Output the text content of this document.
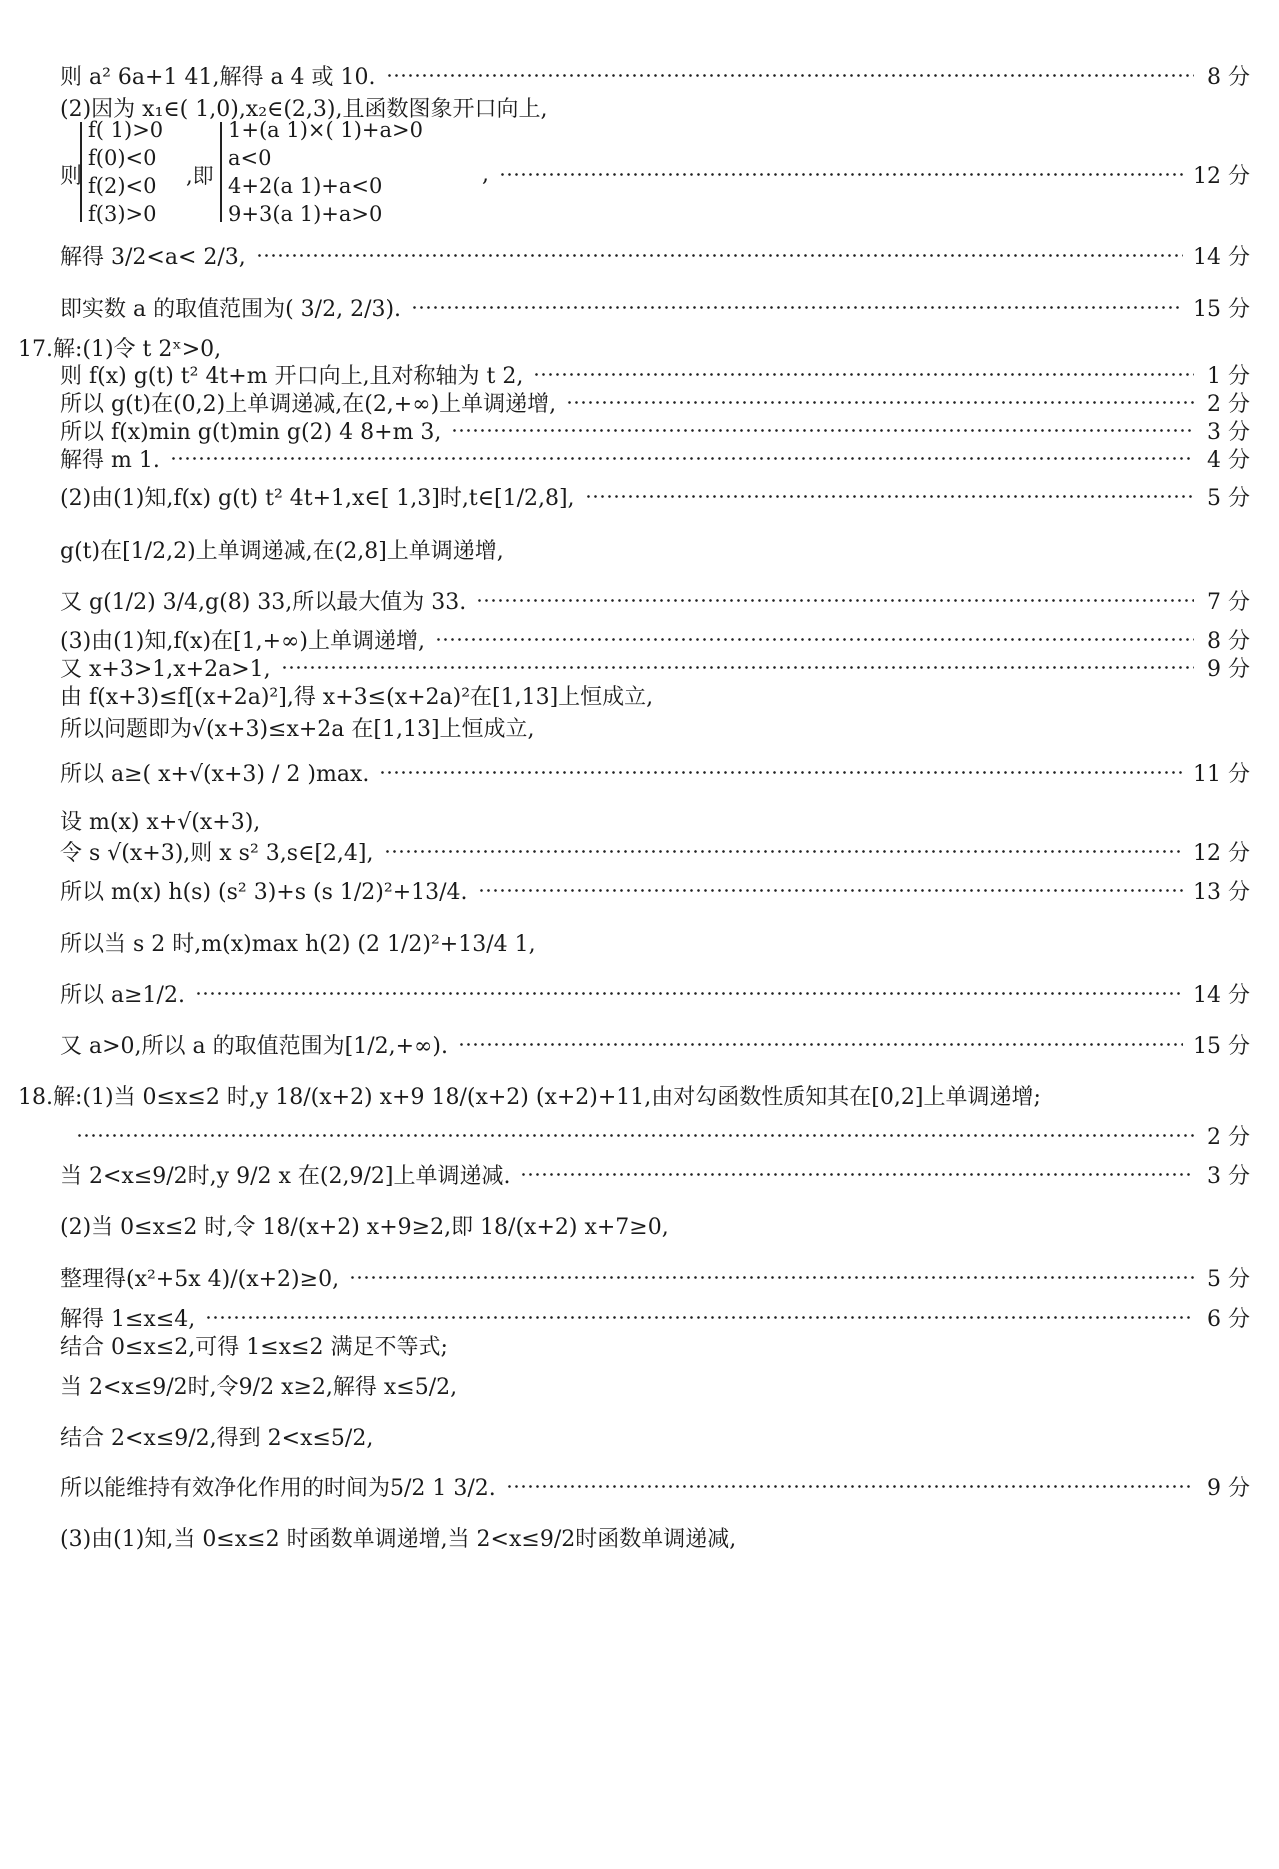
则 a² 6a+1 41,解得 a 4 或 10.	8 分
(2)因为 x₁∈( 1,0),x₂∈(2,3),且函数图象开口向上,
则	,	12 分
f( 1)>0
f(0)<0
f(2)<0
f(3)>0
,即
1+(a 1)×( 1)+a>0
a<0
4+2(a 1)+a<0
9+3(a 1)+a>0
解得 3/2<a< 2/3,	14 分
即实数 a 的取值范围为( 3/2, 2/3).	15 分
17.解:(1)令 t 2ˣ>0,
则 f(x) g(t) t² 4t+m 开口向上,且对称轴为 t 2,	1 分
所以 g(t)在(0,2)上单调递减,在(2,+∞)上单调递增,	2 分
所以 f(x)min g(t)min g(2) 4 8+m 3,	3 分
解得 m 1.	4 分
(2)由(1)知,f(x) g(t) t² 4t+1,x∈[ 1,3]时,t∈[1/2,8],	5 分
g(t)在[1/2,2)上单调递减,在(2,8]上单调递增,
又 g(1/2) 3/4,g(8) 33,所以最大值为 33.	7 分
(3)由(1)知,f(x)在[1,+∞)上单调递增,	8 分
又 x+3>1,x+2a>1,	9 分
由 f(x+3)≤f[(x+2a)²],得 x+3≤(x+2a)²在[1,13]上恒成立,
所以问题即为√(x+3)≤x+2a 在[1,13]上恒成立,
所以 a≥( x+√(x+3) / 2 )max.	11 分
设 m(x) x+√(x+3),
令 s √(x+3),则 x s² 3,s∈[2,4],	12 分
所以 m(x) h(s) (s² 3)+s (s 1/2)²+13/4.	13 分
所以当 s 2 时,m(x)max h(2) (2 1/2)²+13/4 1,
所以 a≥1/2.	14 分
又 a>0,所以 a 的取值范围为[1/2,+∞).	15 分
18.解:(1)当 0≤x≤2 时,y 18/(x+2) x+9 18/(x+2) (x+2)+11,由对勾函数性质知其在[0,2]上单调递增;
2 分
当 2<x≤9/2时,y 9/2 x 在(2,9/2]上单调递减.	3 分
(2)当 0≤x≤2 时,令 18/(x+2) x+9≥2,即 18/(x+2) x+7≥0,
整理得(x²+5x 4)/(x+2)≥0,	5 分
解得 1≤x≤4,	6 分
结合 0≤x≤2,可得 1≤x≤2 满足不等式;
当 2<x≤9/2时,令9/2 x≥2,解得 x≤5/2,
结合 2<x≤9/2,得到 2<x≤5/2,
所以能维持有效净化作用的时间为5/2 1 3/2.	9 分
(3)由(1)知,当 0≤x≤2 时函数单调递增,当 2<x≤9/2时函数单调递减,
